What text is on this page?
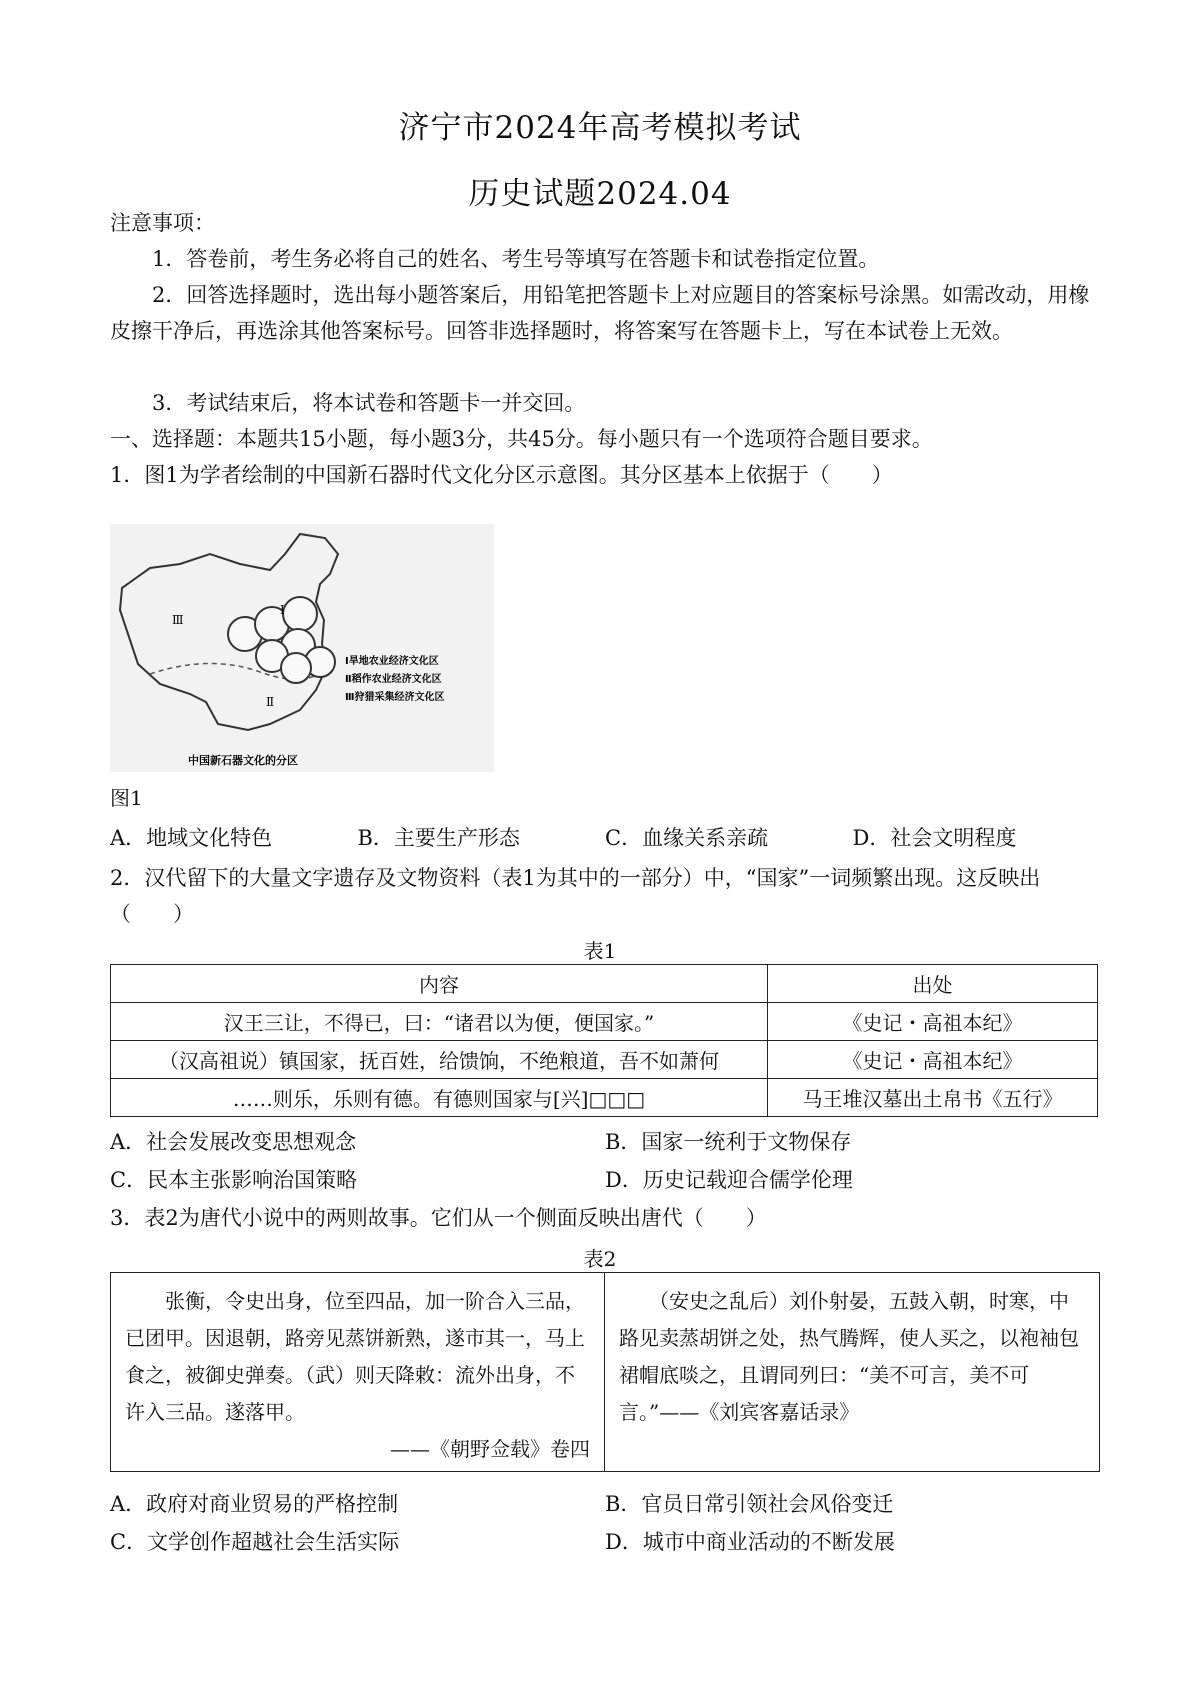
济宁市2024年高考模拟考试
历史试题2024.04
注意事项：
1．答卷前，考生务必将自己的姓名、考生号等填写在答题卡和试卷指定位置。
2．回答选择题时，选出每小题答案后，用铅笔把答题卡上对应题目的答案标号涂黑。如需改动，用橡皮擦干净后，再选涂其他答案标号。回答非选择题时，将答案写在答题卡上，写在本试卷上无效。
3．考试结束后，将本试卷和答题卡一并交回。
一、选择题：本题共15小题，每小题3分，共45分。每小题只有一个选项符合题目要求。
1．图1为学者绘制的中国新石器时代文化分区示意图。其分区基本上依据于（　　）
Ⅲ
Ⅰ
Ⅱ
Ⅰ旱地农业经济文化区
Ⅱ稻作农业经济文化区
Ⅲ狩猎采集经济文化区
中国新石器文化的分区
图1
A．地域文化特色	B．主要生产形态	C．血缘关系亲疏	D．社会文明程度
2．汉代留下的大量文字遗存及文物资料（表1为其中的一部分）中，“国家”一词频繁出现。这反映出（　　）
表1
内容	出处
汉王三让，不得已，曰：“诸君以为便，便国家。”	《史记・高祖本纪》
（汉高祖说）镇国家，抚百姓，给馈饷，不绝粮道，吾不如萧何	《史记・高祖本纪》
……则乐，乐则有德。有德则国家与[兴]□□□	马王堆汉墓出土帛书《五行》
A．社会发展改变思想观念	B．国家一统利于文物保存
C．民本主张影响治国策略	D．历史记载迎合儒学伦理
3．表2为唐代小说中的两则故事。它们从一个侧面反映出唐代（　　）
表2
　　张衡，令史出身，位至四品，加一阶合入三品，已团甲。因退朝，路旁见蒸饼新熟，遂市其一，马上食之，被御史弹奏。（武）则天降敕：流外出身，不许入三品。遂落甲。
——《朝野佥载》卷四
　　（安史之乱后）刘仆射晏，五鼓入朝，时寒，中路见卖蒸胡饼之处，热气腾辉，使人买之，以袍袖包裙帽底啖之，且谓同列曰：“美不可言，美不可言。”——《刘宾客嘉话录》
A．政府对商业贸易的严格控制	B．官员日常引领社会风俗变迁
C．文学创作超越社会生活实际	D．城市中商业活动的不断发展
